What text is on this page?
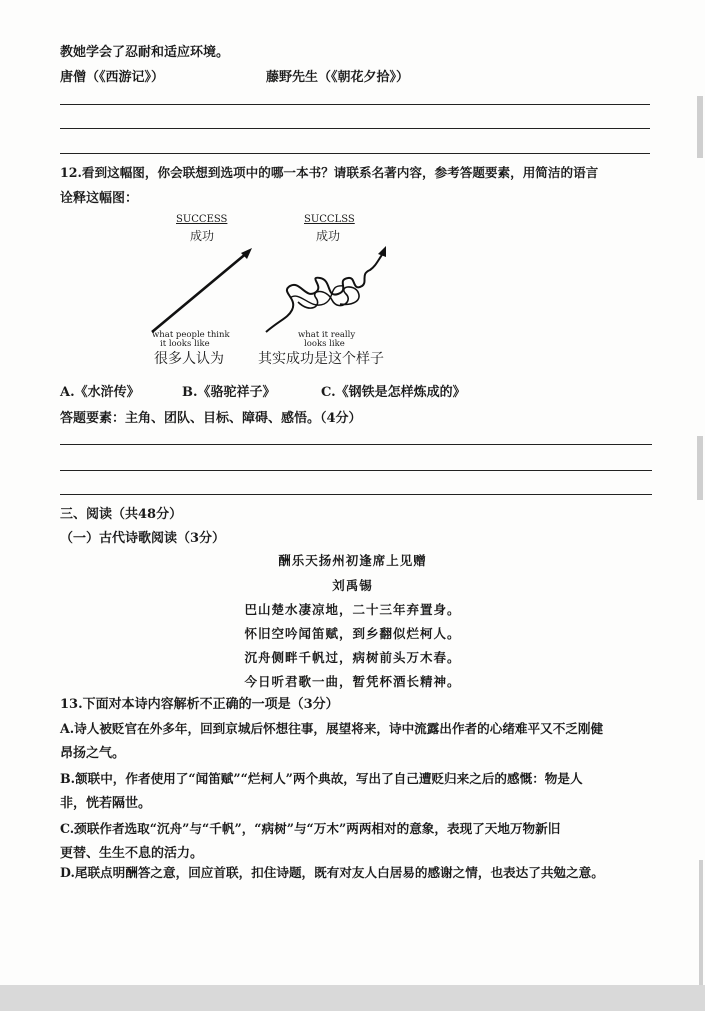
教她学会了忍耐和适应环境。
唐僧（《西游记》）	藤野先生（《朝花夕拾》）
12.看到这幅图，你会联想到选项中的哪一本书？请联系名著内容，参考答题要素，用简洁的语言
诠释这幅图：
SUCCESS
成功
SUCCLSS
成功
what people think
it looks like
what it really
looks like
很多人认为 其实成功是这个样子
A.《水浒传》	B.《骆驼祥子》	C.《钢铁是怎样炼成的》
答题要素：主角、团队、目标、障碍、感悟。（4分）
三、阅读（共48分）
（一）古代诗歌阅读（3分）
酬乐天扬州初逢席上见赠
刘禹锡
巴山楚水凄凉地，二十三年弃置身。
怀旧空吟闻笛赋，到乡翻似烂柯人。
沉舟侧畔千帆过，病树前头万木春。
今日听君歌一曲，暂凭杯酒长精神。
13.下面对本诗内容解析不正确的一项是（3分）
A.诗人被贬官在外多年，回到京城后怀想往事，展望将来，诗中流露出作者的心绪难平又不乏刚健
昂扬之气。
B.颔联中，作者使用了“闻笛赋”“烂柯人”两个典故，写出了自己遭贬归来之后的感慨：物是人
非，恍若隔世。
C.颈联作者选取“沉舟”与“千帆”，“病树”与“万木”两两相对的意象，表现了天地万物新旧
更替、生生不息的活力。
D.尾联点明酬答之意，回应首联，扣住诗题，既有对友人白居易的感谢之情，也表达了共勉之意。
